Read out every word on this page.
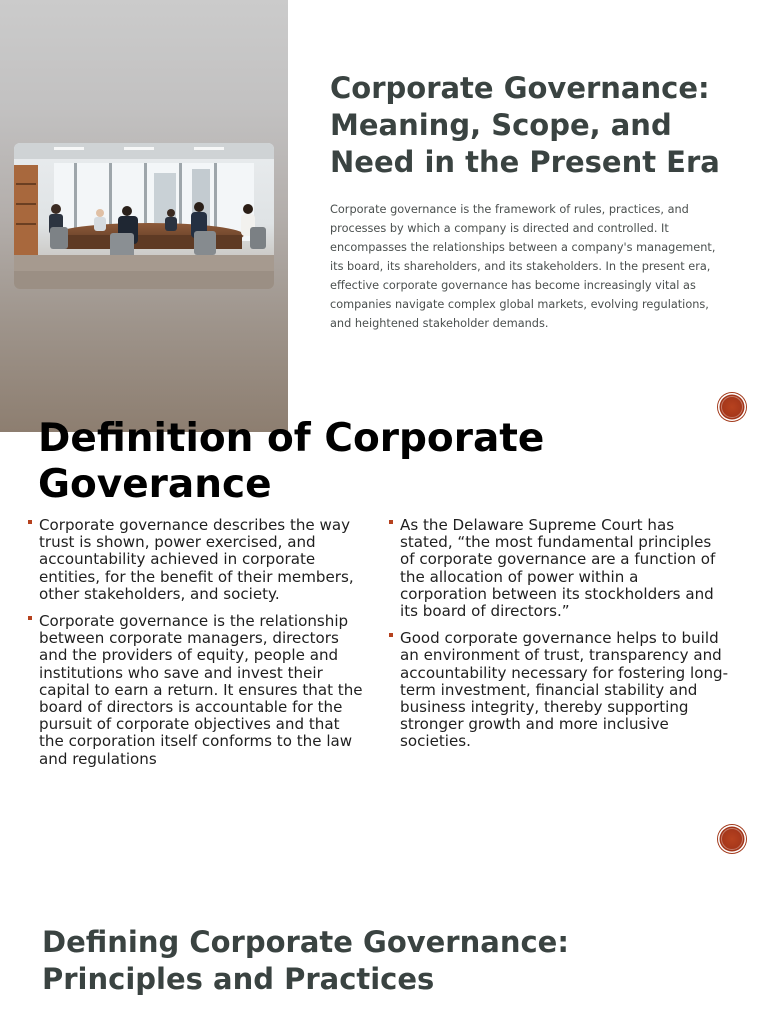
Corporate Governance: Meaning, Scope, and Need in the Present Era

Corporate governance is the framework of rules, practices, and processes by which a company is directed and controlled. It encompasses the relationships between a company's management, its board, its shareholders, and its stakeholders. In the present era, effective corporate governance has become increasingly vital as companies navigate complex global markets, evolving regulations, and heightened stakeholder demands.

Definition of Corporate Goverance
Corporate governance describes the way trust is shown, power exercised, and accountability achieved in corporate entities, for the benefit of their members, other stakeholders, and society.
Corporate governance is the relationship between corporate managers, directors and the providers of equity, people and institutions who save and invest their capital to earn a return. It ensures that the board of directors is accountable for the pursuit of corporate objectives and that the corporation itself conforms to the law and regulations
As the Delaware Supreme Court has stated, “the most fundamental principles of corporate governance are a function of the allocation of power within a corporation between its stockholders and its board of directors.”
Good corporate governance helps to build an environment of trust, transparency and accountability necessary for fostering long-term investment, financial stability and business integrity, thereby supporting stronger growth and more inclusive societies.
Defining Corporate Governance: Principles and Practices
